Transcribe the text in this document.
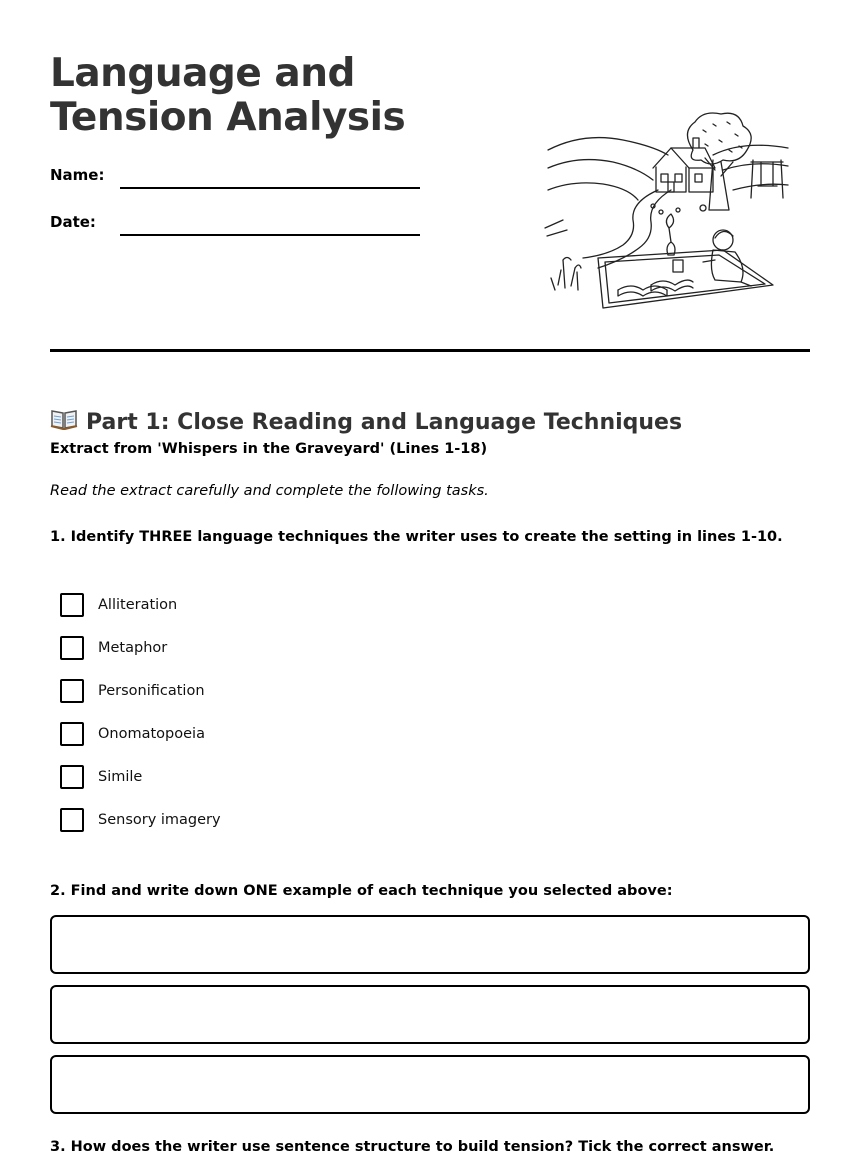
Language and Tension Analysis
Name:
Date:
Part 1: Close Reading and Language Techniques
Extract from 'Whispers in the Graveyard' (Lines 1-18)
Read the extract carefully and complete the following tasks.
1. Identify THREE language techniques the writer uses to create the setting in lines 1-10.
Alliteration
Metaphor
Personification
Onomatopoeia
Simile
Sensory imagery
2. Find and write down ONE example of each technique you selected above:
3. How does the writer use sentence structure to build tension? Tick the correct answer.
